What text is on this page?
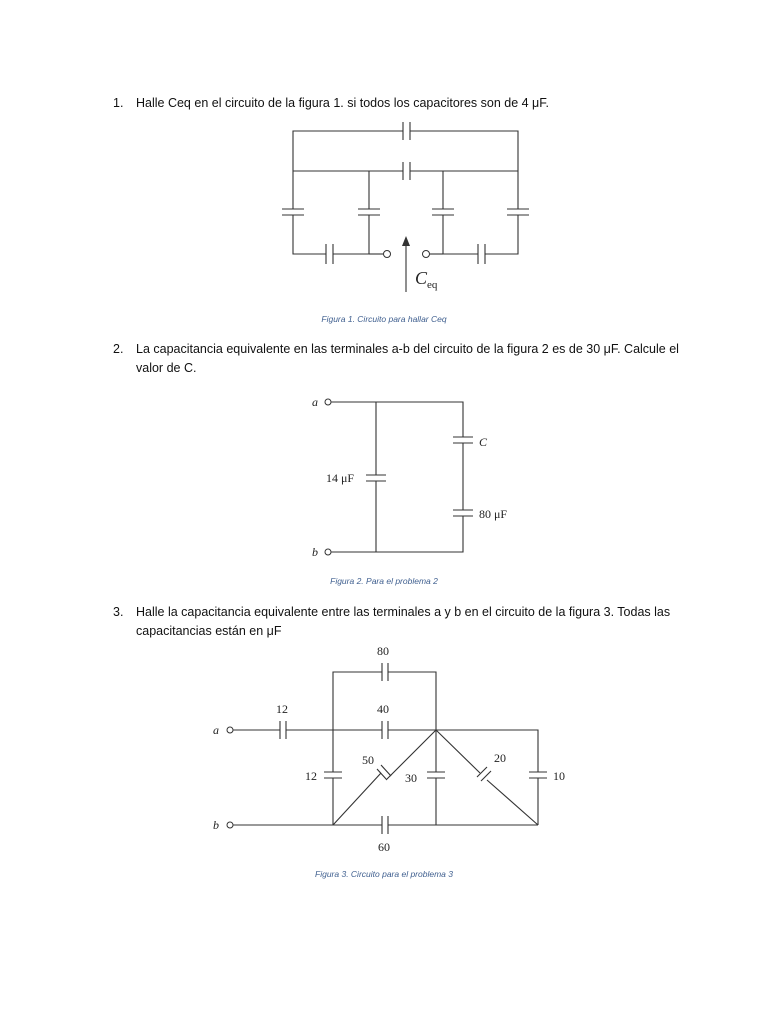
1.	Halle Ceq en el circuito de la figura 1. si todos los capacitores son de 4 μF.
$C_{eq}$
Figura 1. Circuito para hallar Ceq
2.	La capacitancia equivalente en las terminales a-b del circuito de la figura 2 es de 30 μF. Calcule el valor de C.
a
b
C
14 μF
80 μF
Figura 2. Para el problema 2
3.	Halle la capacitancia equivalente entre las terminales a y b en el circuito de la figura 3. Todas las capacitancias están en μF
a
b
80
12	40
50
12	30
20
10
60
Figura 3. Circuito para el problema 3
